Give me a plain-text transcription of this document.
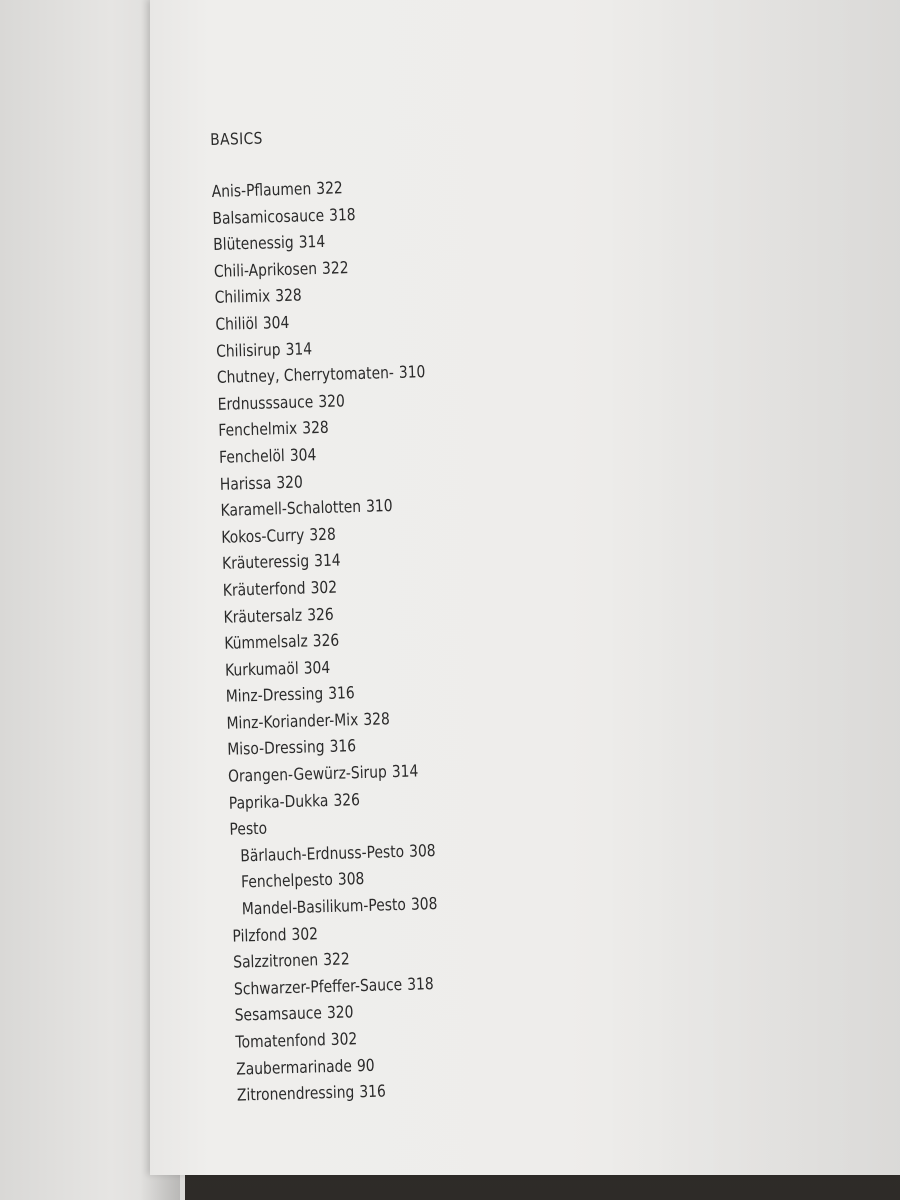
BASICS
Anis-Pflaumen 322
Balsamicosauce 318
Blütenessig 314
Chili-Aprikosen 322
Chilimix 328
Chiliöl 304
Chilisirup 314
Chutney, Cherrytomaten- 310
Erdnusssauce 320
Fenchelmix 328
Fenchelöl 304
Harissa 320
Karamell-Schalotten 310
Kokos-Curry 328
Kräuteressig 314
Kräuterfond 302
Kräutersalz 326
Kümmelsalz 326
Kurkumaöl 304
Minz-Dressing 316
Minz-Koriander-Mix 328
Miso-Dressing 316
Orangen-Gewürz-Sirup 314
Paprika-Dukka 326
Pesto
Bärlauch-Erdnuss-Pesto 308
Fenchelpesto 308
Mandel-Basilikum-Pesto 308
Pilzfond 302
Salzzitronen 322
Schwarzer-Pfeffer-Sauce 318
Sesamsauce 320
Tomatenfond 302
Zaubermarinade 90
Zitronendressing 316
